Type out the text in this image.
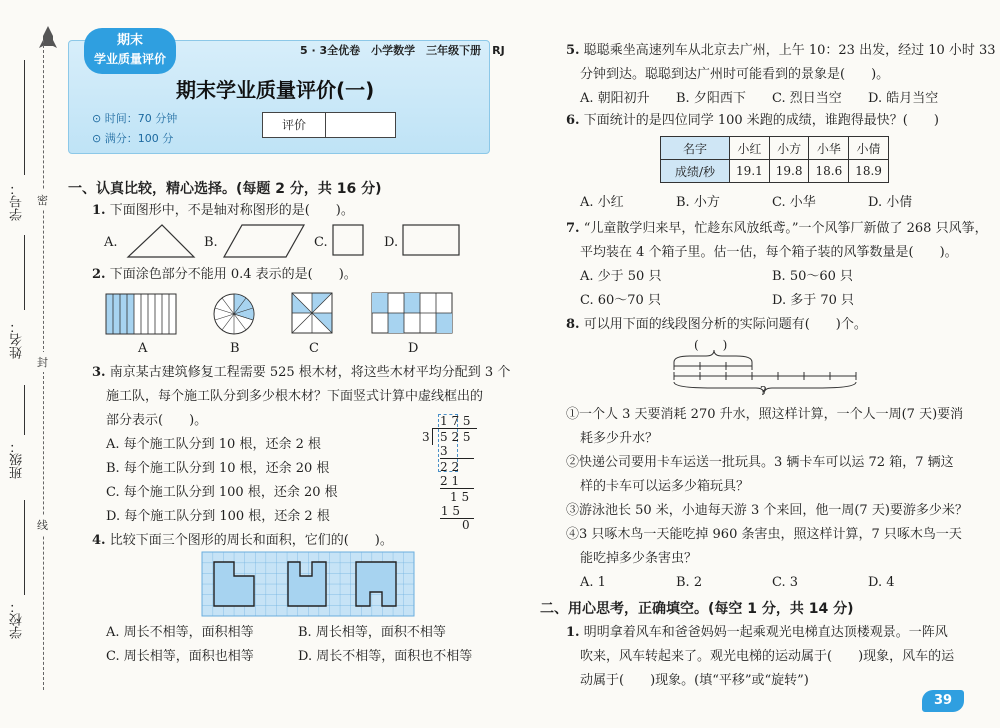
密
封
线
学号：
姓名：
班级：
学校：
期末
学业质量评价
5 · 3全优卷　小学数学　三年级下册　RJ
期末学业质量评价(一)
⊙ 时间：70 分钟
⊙ 满分：100 分
评价
一、认真比较，精心选择。(每题 2 分，共 16 分)
1. 下面图形中，不是轴对称图形的是(　　)。
A.	B.	C.	D.
2. 下面涂色部分不能用 0.4 表示的是(　　)。
A	B	C	D
3. 南京某古建筑修复工程需要 525 根木材，将这些木材平均分配到 3 个
施工队，每个施工队分到多少根木材？下面竖式计算中虚线框出的
部分表示(　　)。
A. 每个施工队分到 10 根，还余 2 根
B. 每个施工队分到 10 根，还余 20 根
C. 每个施工队分到 100 根，还余 20 根
D. 每个施工队分到 100 根，还余 2 根
1 7 5
3 5 2 5
3
2 2
2 1
1 5
1 5
0
4. 比较下面三个图形的周长和面积，它们的(　　)。
A. 周长不相等，面积相等	B. 周长相等，面积不相等
C. 周长相等，面积也相等	D. 周长不相等，面积也不相等
5. 聪聪乘坐高速列车从北京去广州，上午 10：23 出发，经过 10 小时 33
分钟到达。聪聪到达广州时可能看到的景象是(　　)。
A. 朝阳初升 B. 夕阳西下 C. 烈日当空 D. 皓月当空
6. 下面统计的是四位同学 100 米跑的成绩，谁跑得最快？(　　)
名字	小红	小方	小华	小倩
成绩/秒	19.1	19.8	18.6	18.9
A. 小红	B. 小方	C. 小华	D. 小倩
7. “儿童散学归来早，忙趁东风放纸鸢。”一个风筝厂新做了 268 只风筝，
平均装在 4 个箱子里。估一估，每个箱子装的风筝数量是(　　)。
A. 少于 50 只	B. 50～60 只
C. 60～70 只	D. 多于 70 只
8. 可以用下面的线段图分析的实际问题有(　　)个。
(　　)
?
①一个人 3 天要消耗 270 升水，照这样计算，一个人一周(7 天)要消
耗多少升水？
②快递公司要用卡车运送一批玩具。3 辆卡车可以运 72 箱，7 辆这
样的卡车可以运多少箱玩具？
③游泳池长 50 米，小迪每天游 3 个来回，他一周(7 天)要游多少米？
④3 只啄木鸟一天能吃掉 960 条害虫，照这样计算，7 只啄木鸟一天
能吃掉多少条害虫？
A. 1	B. 2	C. 3	D. 4
二、用心思考，正确填空。(每空 1 分，共 14 分)
1. 明明拿着风车和爸爸妈妈一起乘观光电梯直达顶楼观景。一阵风
吹来，风车转起来了。观光电梯的运动属于(　　)现象，风车的运
动属于(　　)现象。(填“平移”或“旋转”)
39
